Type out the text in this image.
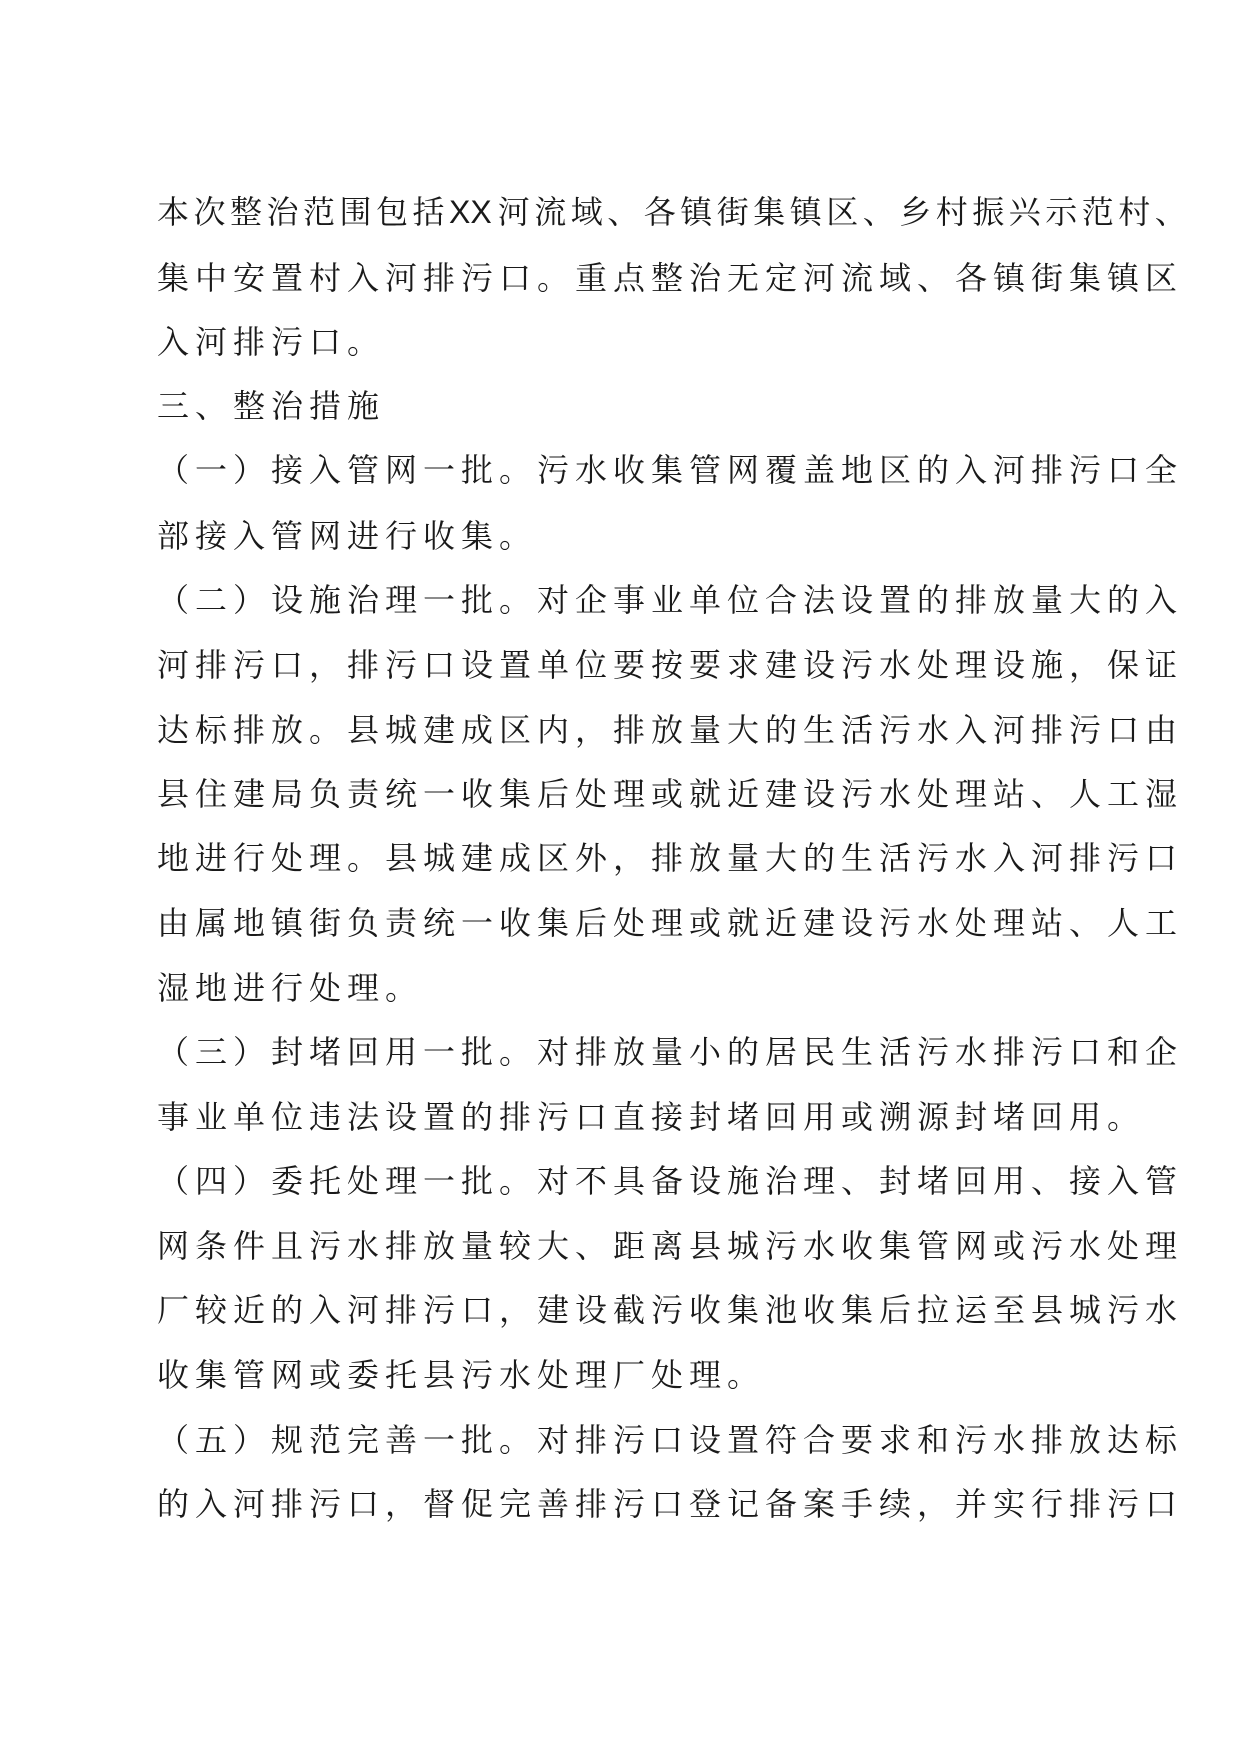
本次整治范围包括XX 河流域、各镇街集镇区、乡村振兴示范村、

集中安置村入河排污口。重点整治无定河流域、各镇街集镇区

入河排污口。

三、整治措施

（一）接入管网一批。污水收集管网覆盖地区的入河排污口全

部接入管网进行收集。

（二）设施治理一批。对企事业单位合法设置的排放量大的入

河排污口，排污口设置单位要按要求建设污水处理设施，保证

达标排放。县城建成区内，排放量大的生活污水入河排污口由

县住建局负责统一收集后处理或就近建设污水处理站、人工湿

地进行处理。县城建成区外，排放量大的生活污水入河排污口

由属地镇街负责统一收集后处理或就近建设污水处理站、人工

湿地进行处理。

（三）封堵回用一批。对排放量小的居民生活污水排污口和企

事业单位违法设置的排污口直接封堵回用或溯源封堵回用。

（四）委托处理一批。对不具备设施治理、封堵回用、接入管

网条件且污水排放量较大、距离县城污水收集管网或污水处理

厂较近的入河排污口，建设截污收集池收集后拉运至县城污水

收集管网或委托县污水处理厂处理。

（五）规范完善一批。对排污口设置符合要求和污水排放达标

的入河排污口，督促完善排污口登记备案手续，并实行排污口
